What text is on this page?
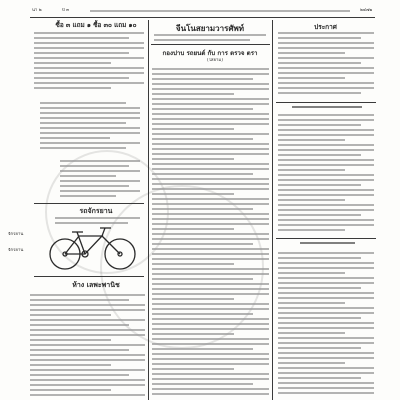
น่า ๒	ปี ๓	๒๔๗๒
ซื้อ ๓ แถม ๑ ซื้อ ๓๐ แถม ๑๐
รถจักรยาน
จักรยาน
จักรยาน
ห้าง เลพะพานิช
จีนโนสยามวารศัพท์
กองปาบ รถยนต์ กับ การ ตรวจ ตรา
(ไสยาม)
ประกาศ
